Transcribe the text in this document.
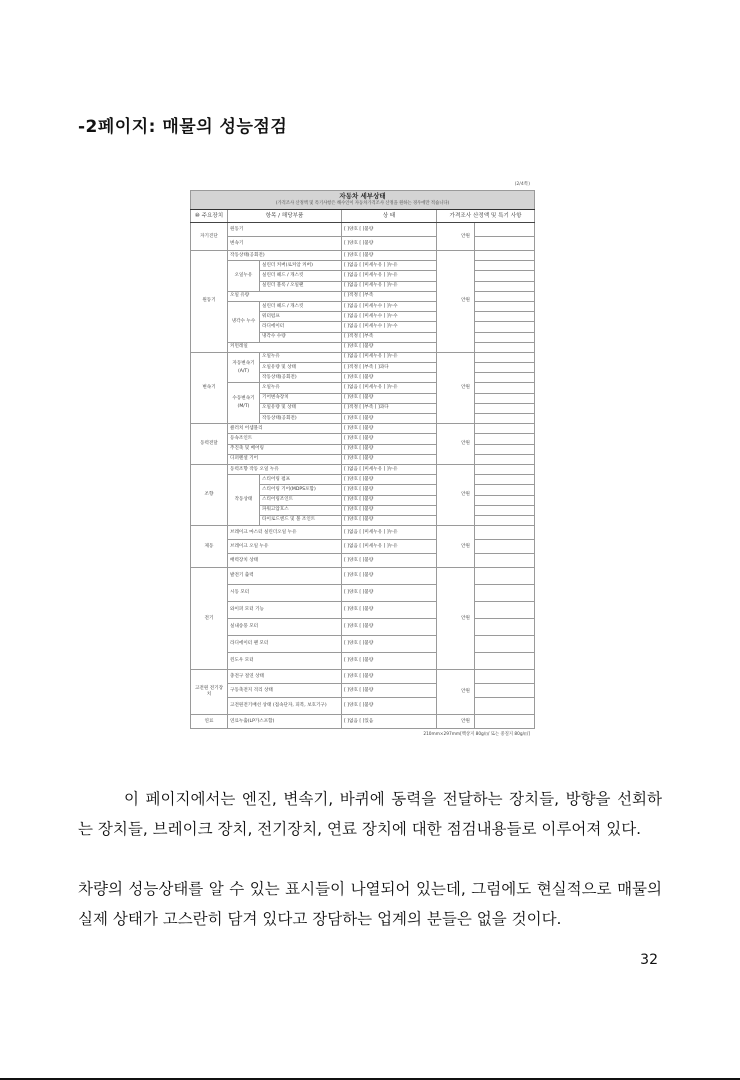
-2페이지: 매물의 성능점검
(2/4쪽)
자동차 세부상태
(가격조사 산정액 및 특기사항은 해수인이 자동차가격조사 산정을 원하는 경우에만 적습니다)					

⑩ 주요장치	항목 / 해당부품		상 태	가격조사 산정액 및 특기 사항	
자기진단	원동기		[ ]양호 [ ]불량	안원	
	변속기		[ ]양호 [ ]불량		
원동기	작동상태(공회전)		[ ]양호 [ ]불량	안원	
	오일누유	실린더 커버(로커암 커버)	[ ]없음 [ ]미세누유 [ ]누유		
		실린더 헤드 / 개스킷	[ ]없음 [ ]미세누유 [ ]누유		
		실린더 블록 / 오일팬	[ ]없음 [ ]미세누유 [ ]누유		
	오일 유량		[ ]적정 [ ]부족		
	냉각수 누수	실린더 헤드 / 개스킷	[ ]없음 [ ]미세누수 [ ]누수		
		워터펌프	[ ]없음 [ ]미세누수 [ ]누수		
		라디에이터	[ ]없음 [ ]미세누수 [ ]누수		
		냉각수 수량	[ ]적정 [ ]부족		
	커먼레일		[ ]양호 [ ]불량		
변속기	자동변속기 (A/T)	오일누유	[ ]없음 [ ]미세누유 [ ]누유	안원	
		오일유량 및 상태	[ ]적정 [ ]부족 [ ]과다		
		작동상태(공회전)	[ ]양호 [ ]불량		
	수동변속기 (M/T)	오일누유	[ ]없음 [ ]미세누유 [ ]누유		
		기어변속장치	[ ]양호 [ ]불량		
		오일유량 및 상태	[ ]적정 [ ]부족 [ ]과다		
		작동상태(공회전)	[ ]양호 [ ]불량		
동력전달	클러치 어셈블리		[ ]양호 [ ]불량	안원	
	등속조인트		[ ]양호 [ ]불량		
	추진축 및 베어링		[ ]양호 [ ]불량		
	디퍼렌셜 기어		[ ]양호 [ ]불량		
조향	동력조향 작동 오일 누유		[ ]없음 [ ]미세누유 [ ]누유	안원	
	작동상태	스티어링 펌프	[ ]양호 [ ]불량		
		스티어링 기어(MDPS포함)	[ ]양호 [ ]불량		
		스티어링조인트	[ ]양호 [ ]불량		
		파워고압호스	[ ]양호 [ ]불량		
		타이로드엔드 및 볼 조인트	[ ]양호 [ ]불량		
제동	브레이크 마스터 실린더오일 누유		[ ]없음 [ ]미세누유 [ ]누유	안원	
	브레이크 오일 누유		[ ]없음 [ ]미세누유 [ ]누유		
	배력장치 상태		[ ]양호 [ ]불량		
전기	발전기 출력		[ ]양호 [ ]불량	안원	
	시동 모터		[ ]양호 [ ]불량		
	와이퍼 모터 기능		[ ]양호 [ ]불량		
	실내송풍 모터		[ ]양호 [ ]불량		
	라디에이터 팬 모터		[ ]양호 [ ]불량		
	윈도우 모터		[ ]양호 [ ]불량		
고전원 전기장치	충전구 절연 상태		[ ]양호 [ ]불량	안원	
	구동축전지 격리 상태		[ ]양호 [ ]불량		
	고전원전기배선 상태 (접속단자, 피복, 보호기구)		[ ]양호 [ ]불량		
연료	연료누출(LP가스포함)		[ ]없음 [ ]있음	안원	
210mm×297mm[백상지 80g/㎡ 또는 중질지 80g/㎡]

이 페이지에서는 엔진, 변속기, 바퀴에 동력을 전달하는 장치들, 방향을 선회하는 장치들, 브레이크 장치, 전기장치, 연료 장치에 대한 점검내용들로 이루어져 있다.

차량의 성능상태를 알 수 있는 표시들이 나열되어 있는데, 그럼에도 현실적으로 매물의 실제 상태가 고스란히 담겨 있다고 장담하는 업계의 분들은 없을 것이다.

32
